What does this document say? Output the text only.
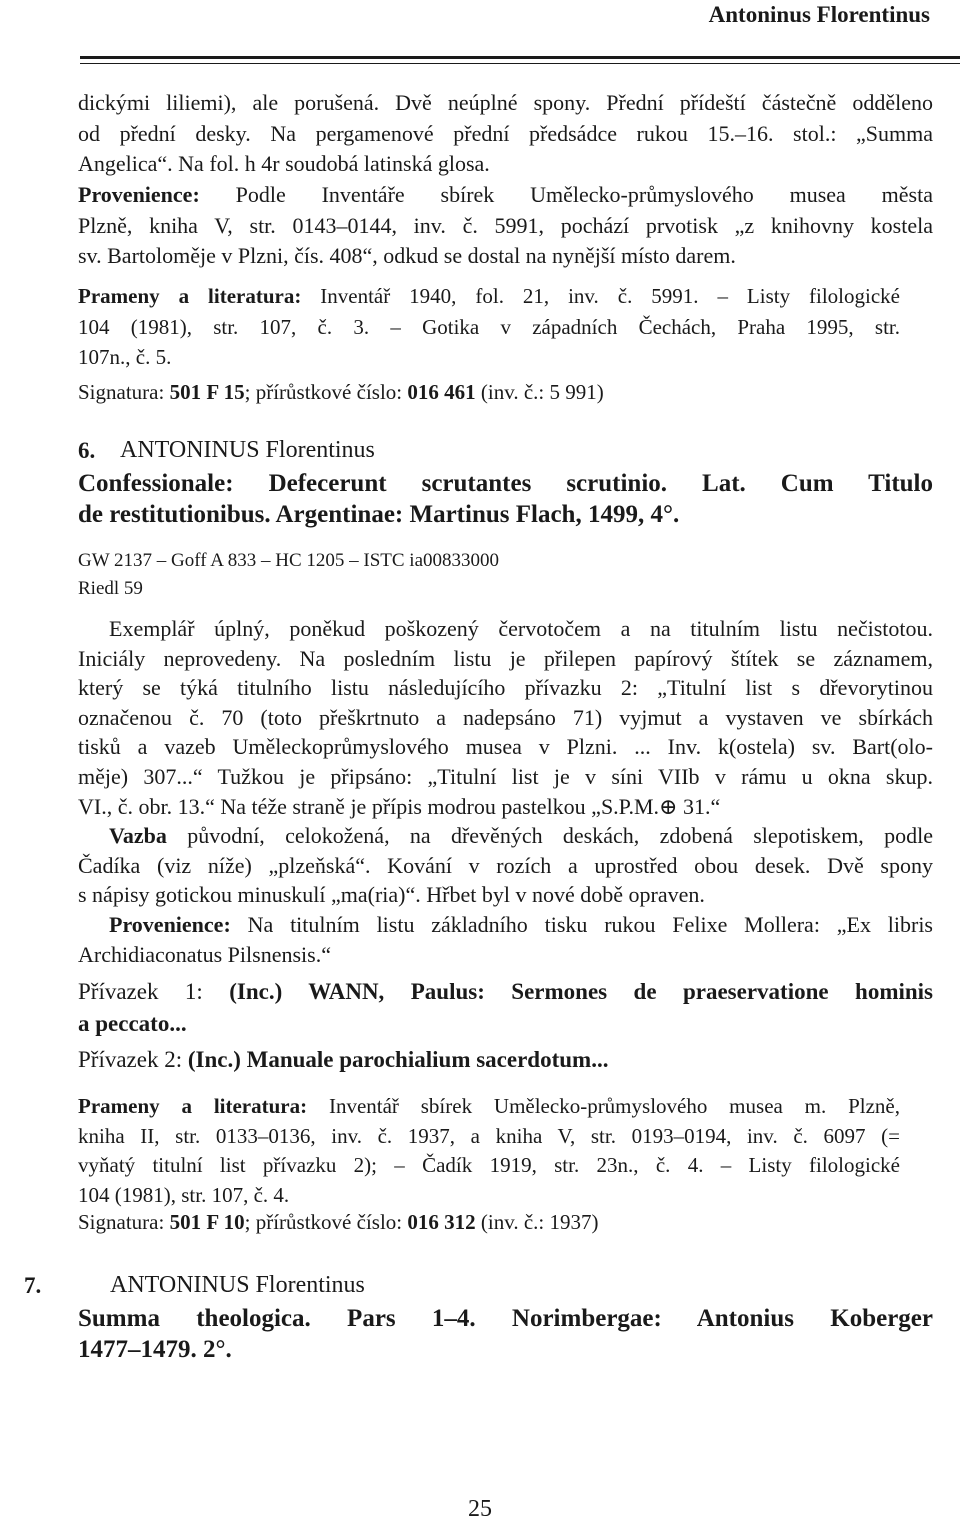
Antoninus Florentinus
dickými liliemi), ale porušená. Dvě neúplné spony. Přední přídeští částečně odděleno
od přední desky. Na pergamenové přední předsádce rukou 15.–16. stol.: „Summa
Angelica“. Na fol. h 4r soudobá latinská glosa.
Provenience: Podle Inventáře sbírek Umělecko-průmyslového musea města
Plzně, kniha V, str. 0143–0144, inv. č. 5991, pochází prvotisk „z knihovny kostela
sv. Bartoloměje v Plzni, čís. 408“, odkud se dostal na nynější místo darem.
Prameny a literatura: Inventář 1940, fol. 21, inv. č. 5991. – Listy filologické
104 (1981), str. 107, č. 3. – Gotika v západních Čechách, Praha 1995, str.
107n., č. 5.
Signatura: 501 F 15; přírůstkové číslo: 016 461 (inv. č.: 5 991)
6. ANTONINUS Florentinus
Confessionale: Defecerunt scrutantes scrutinio. Lat. Cum Titulo
de restitutionibus. Argentinae: Martinus Flach, 1499, 4°.
GW 2137 – Goff A 833 – HC 1205 – ISTC ia00833000
Riedl 59
Exemplář úplný, poněkud poškozený červotočem a na titulním listu nečistotou.
Iniciály neprovedeny. Na posledním listu je přilepen papírový štítek se záznamem,
který se týká titulního listu následujícího přívazku 2: „Titulní list s dřevorytinou
označenou č. 70 (toto přeškrtnuto a nadepsáno 71) vyjmut a vystaven ve sbírkách
tisků a vazeb Uměleckoprůmyslového musea v Plzni. ... Inv. k(ostela) sv. Bart(olo-
měje) 307...“ Tužkou je připsáno: „Titulní list je v síni VIIb v rámu u okna skup.
VI., č. obr. 13.“ Na téže straně je přípis modrou pastelkou „S.P.M.⊕ 31.“
Vazba původní, celokožená, na dřevěných deskách, zdobená slepotiskem, podle
Čadíka (viz níže) „plzeňská“. Kování v rozích a uprostřed obou desek. Dvě spony
s nápisy gotickou minuskulí „ma(ria)“. Hřbet byl v nové době opraven.
Provenience: Na titulním listu základního tisku rukou Felixe Mollera: „Ex libris
Archidiaconatus Pilsnensis.“
Přívazek 1: (Inc.) WANN, Paulus: Sermones de praeservatione hominis
a peccato...
Přívazek 2: (Inc.) Manuale parochialium sacerdotum...
Prameny a literatura: Inventář sbírek Umělecko-průmyslového musea m. Plzně,
kniha II, str. 0133–0136, inv. č. 1937, a kniha V, str. 0193–0194, inv. č. 6097 (=
vyňatý titulní list přívazku 2); – Čadík 1919, str. 23n., č. 4. – Listy filologické
104 (1981), str. 107, č. 4.
Signatura: 501 F 10; přírůstkové číslo: 016 312 (inv. č.: 1937)
7.	ANTONINUS Florentinus
Summa theologica. Pars 1–4. Norimbergae: Antonius Koberger
1477–1479. 2°.
25
